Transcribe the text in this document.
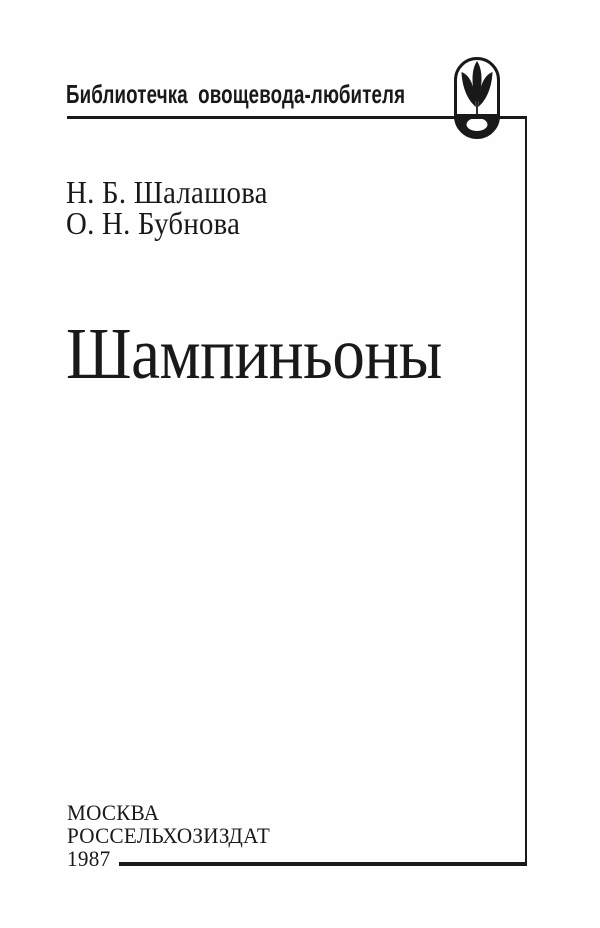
Библиотечка овощевода-любителя
Н. Б. Шалашова
О. Н. Бубнова
Шампиньоны
МОСКВА
РОССЕЛЬХОЗИЗДАТ
1987
